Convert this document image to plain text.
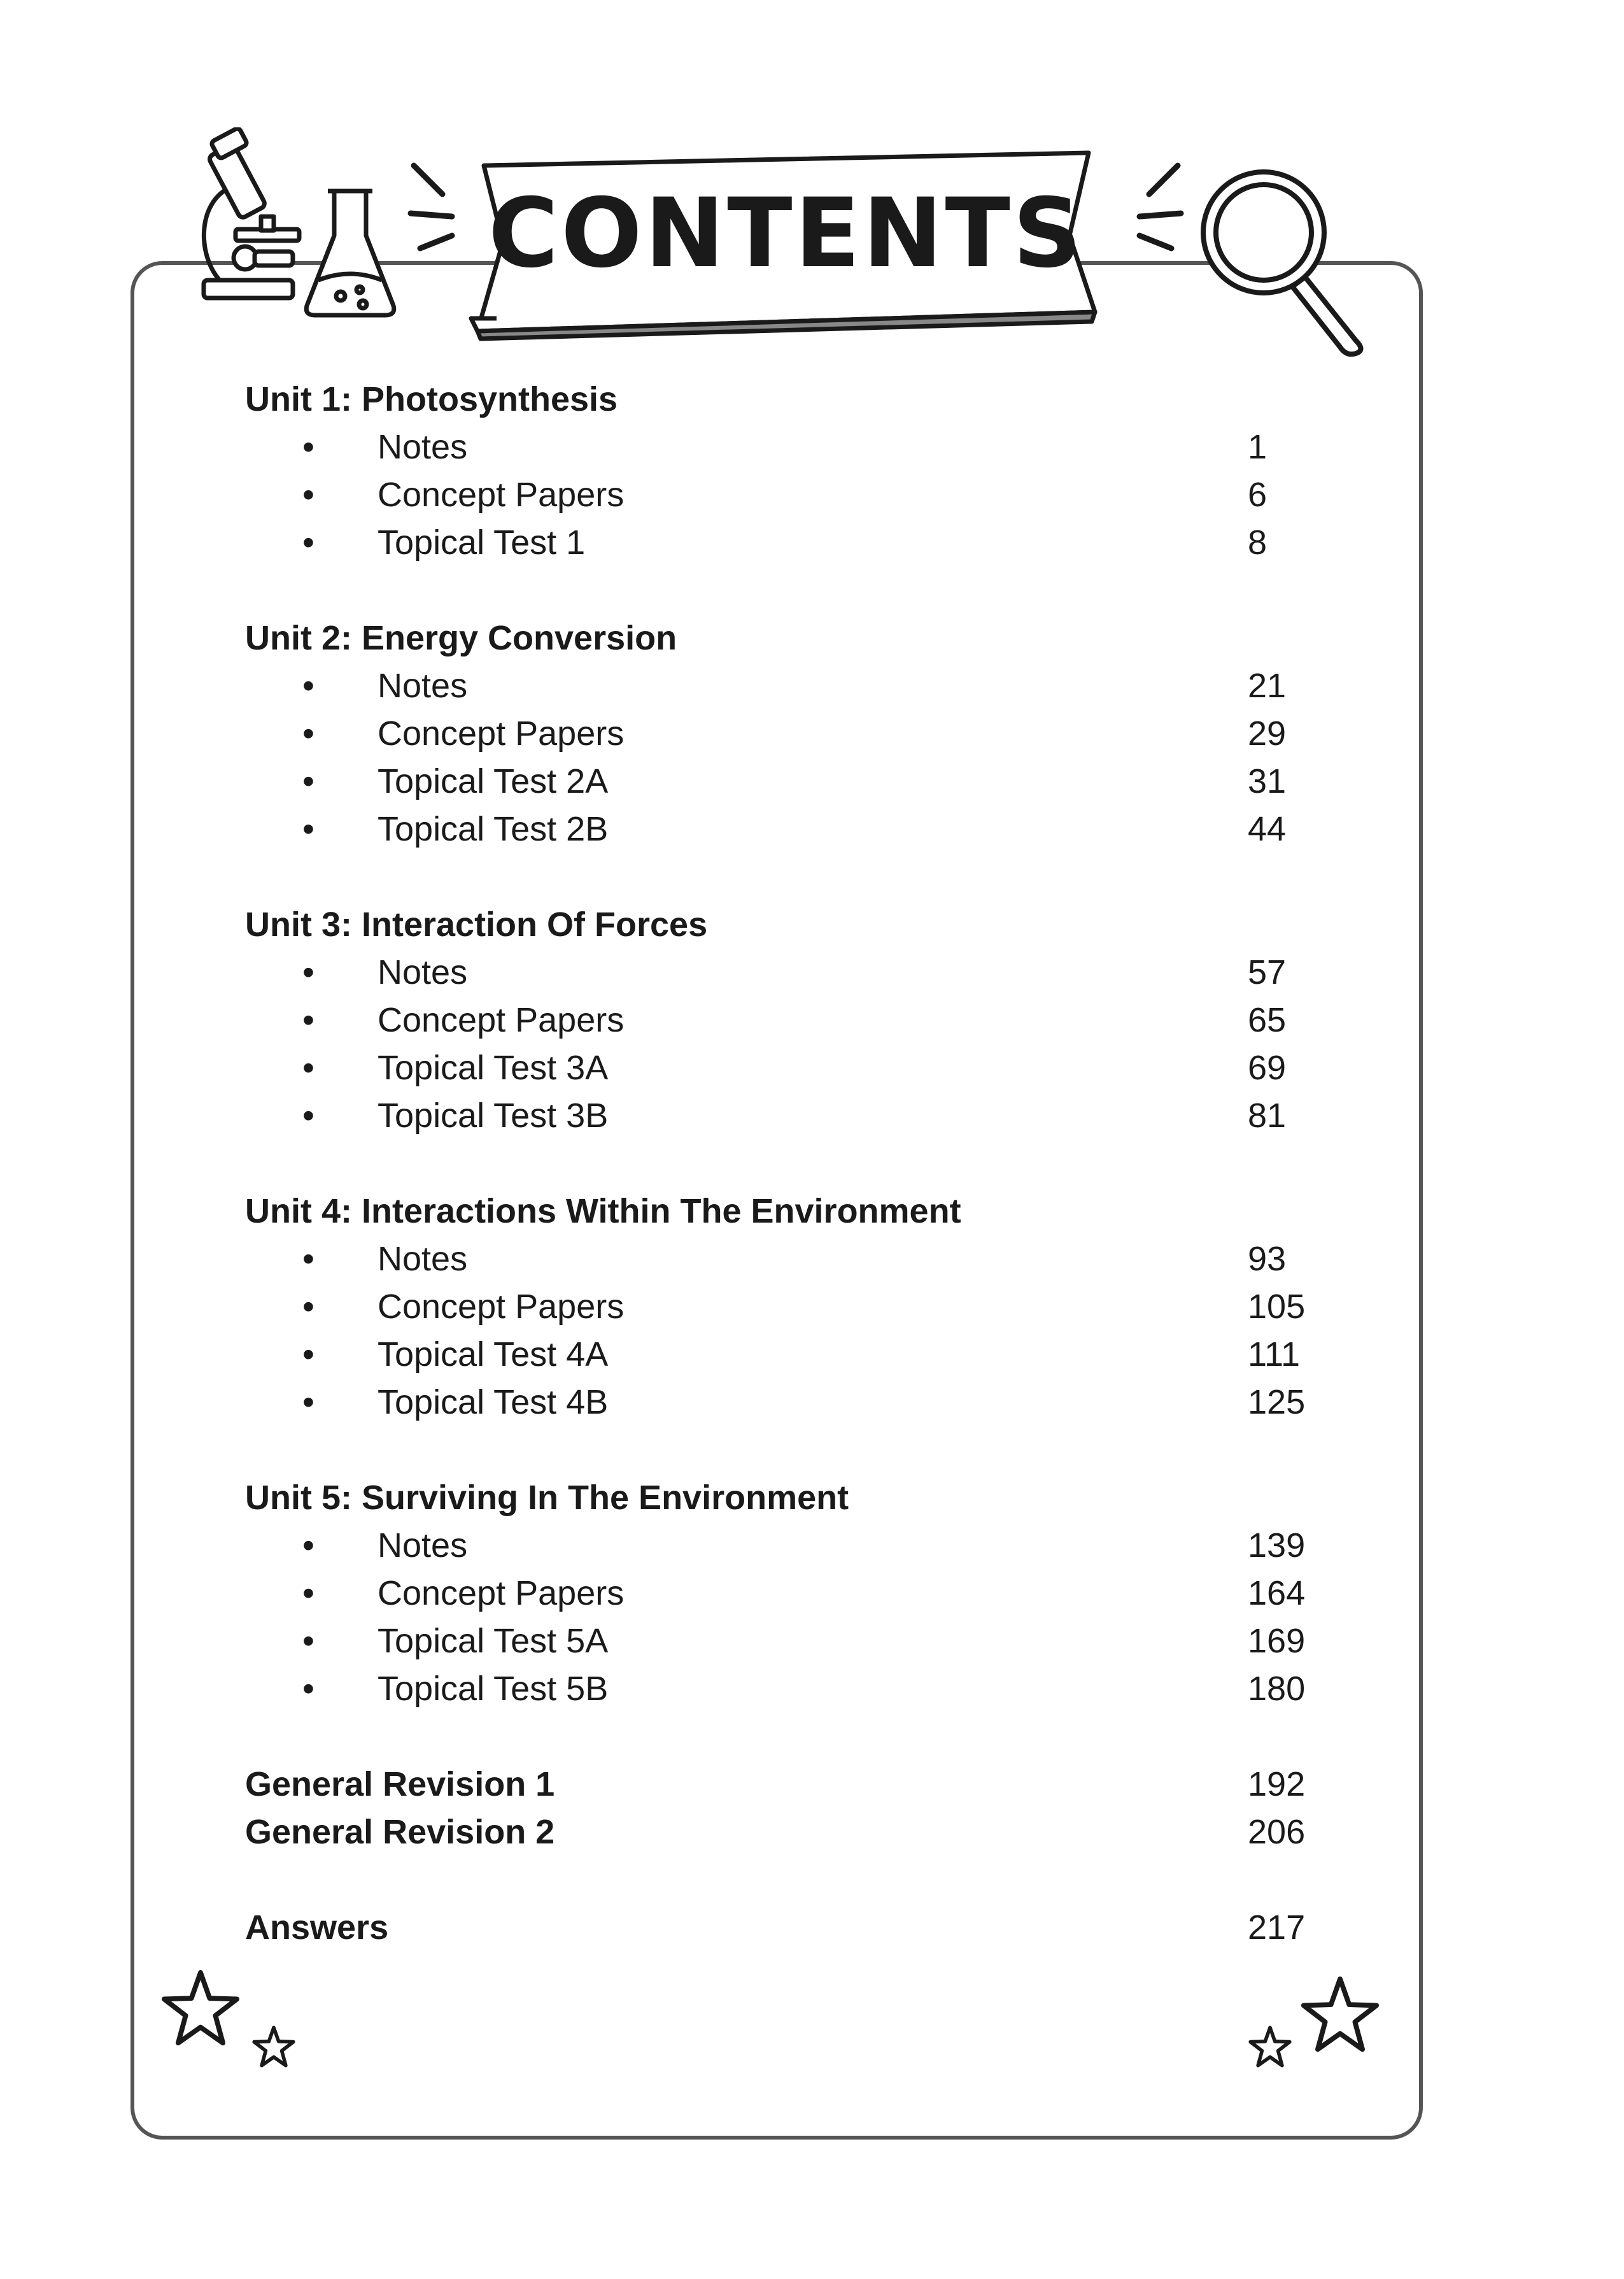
CONTENTS
Unit 1: Photosynthesis
• Notes	1
• Concept Papers	6
• Topical Test 1	8
Unit 2: Energy Conversion
• Notes	21
• Concept Papers	29
• Topical Test 2A	31
• Topical Test 2B	44
Unit 3: Interaction Of Forces
• Notes	57
• Concept Papers	65
• Topical Test 3A	69
• Topical Test 3B	81
Unit 4: Interactions Within The Environment
• Notes	93
• Concept Papers	105
• Topical Test 4A	111
• Topical Test 4B	125
Unit 5: Surviving In The Environment
• Notes	139
• Concept Papers	164
• Topical Test 5A	169
• Topical Test 5B	180
General Revision 1	192
General Revision 2	206
Answers	217
